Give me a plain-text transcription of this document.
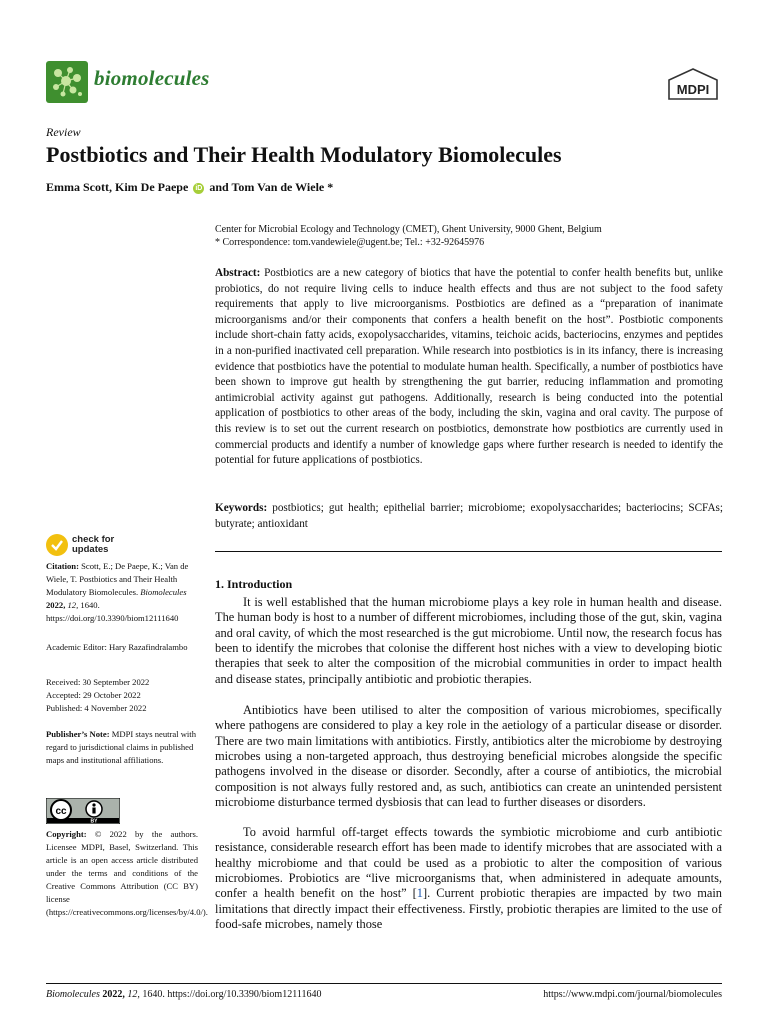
biomolecules	MDPI
Review
Postbiotics and Their Health Modulatory Biomolecules
Emma Scott, Kim De Paepe iD and Tom Van de Wiele *
Center for Microbial Ecology and Technology (CMET), Ghent University, 9000 Ghent, Belgium
* Correspondence: tom.vandewiele@ugent.be; Tel.: +32-92645976
Abstract: Postbiotics are a new category of biotics that have the potential to confer health benefits but, unlike probiotics, do not require living cells to induce health effects and thus are not subject to the food safety requirements that apply to live microorganisms. Postbiotics are defined as a “preparation of inanimate microorganisms and/or their components that confers a health benefit on the host”. Postbiotic components include short-chain fatty acids, exopolysaccharides, vitamins, teichoic acids, bacteriocins, enzymes and peptides in a non-purified inactivated cell preparation. While research into postbiotics is in its infancy, there is increasing evidence that postbiotics have the potential to modulate human health. Specifically, a number of postbiotics have been shown to improve gut health by strengthening the gut barrier, reducing inflammation and promoting antimicrobial activity against gut pathogens. Additionally, research is being conducted into the potential application of postbiotics to other areas of the body, including the skin, vagina and oral cavity. The purpose of this review is to set out the current research on postbiotics, demonstrate how postbiotics are currently used in commercial products and identify a number of knowledge gaps where further research is needed to identify the potential for future applications of postbiotics.
Keywords: postbiotics; gut health; epithelial barrier; microbiome; exopolysaccharides; bacteriocins; SCFAs; butyrate; antioxidant
1. Introduction
It is well established that the human microbiome plays a key role in human health and disease. The human body is host to a number of different microbiomes, including those of the gut, skin, vagina and oral cavity, of which the most researched is the gut microbiome. Until now, the research focus has been to identify the microbes that colonise the different host niches with a view to developing biotic therapies that seek to alter the composition of the microbial communities in order to impact health and disease states, principally antibiotic and probiotic therapies.
Antibiotics have been utilised to alter the composition of various microbiomes, specifically where pathogens are considered to play a key role in the aetiology of a particular disease or disorder. There are two main limitations with antibiotics. Firstly, antibiotics alter the microbiome by destroying microbes using a non-targeted approach, thus destroying beneficial microbes alongside the specific pathogens involved in the disease or disorder. Secondly, after a course of antibiotics, the microbial composition is not always fully restored and, as such, antibiotics can create an unintended persistent microbiome disturbance termed dysbiosis that can lead to further diseases or disorders.
To avoid harmful off-target effects towards the symbiotic microbiome and curb antibiotic resistance, considerable research effort has been made to identify microbes that are associated with a healthy microbiome and that could be used as a probiotic to alter the composition of various microbiomes. Probiotics are “live microorganisms that, when administered in adequate amounts, confer a health benefit on the host” [1]. Current probiotic therapies are impacted by two main limitations that directly impact their effectiveness. Firstly, probiotic therapies are limited to the use of food-safe microbes, namely those
check for
updates
Citation: Scott, E.; De Paepe, K.; Van de Wiele, T. Postbiotics and Their Health Modulatory Biomolecules. Biomolecules 2022, 12, 1640. https://doi.org/10.3390/biom12111640
Academic Editor: Hary Razafindralambo
Received: 30 September 2022
Accepted: 29 October 2022
Published: 4 November 2022
Publisher’s Note: MDPI stays neutral with regard to jurisdictional claims in published maps and institutional affiliations.
cc
BY
Copyright: © 2022 by the authors. Licensee MDPI, Basel, Switzerland. This article is an open access article distributed under the terms and conditions of the Creative Commons Attribution (CC BY) license (https://creativecommons.org/licenses/by/4.0/).
Biomolecules 2022, 12, 1640. https://doi.org/10.3390/biom12111640	https://www.mdpi.com/journal/biomolecules
